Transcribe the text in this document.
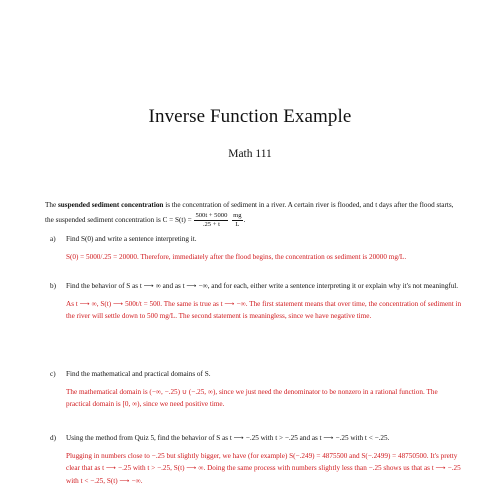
Inverse Function Example
Math 111
The suspended sediment concentration is the concentration of sediment in a river. A certain river is flooded, and t days after the flood starts, the suspended sediment concentration is $C = S(t) = \frac{500t + 5000}{.25 + t}$
$\frac{mg}{L}$ .
a) Find S(0) and write a sentence interpreting it.
S(0) = 5000/.25 = 20000. Therefore, immediately after the flood begins, the concentration os sediment is 20000 mg/L.
b) Find the behavior of S as t ⟶ ∞ and as t ⟶ −∞, and for each, either write a sentence interpreting it or explain why it's not meaningful.
As t ⟶ ∞, S(t) ⟶ 500t/t = 500. The same is true as t ⟶ −∞. The first statement means that over time, the concentration of sediment in the river will settle down to 500 mg/L. The second statement is meaningless, since we have negative time.
c) Find the mathematical and practical domains of S.
The mathematical domain is (−∞, −.25) ∪ (−.25, ∞), since we just need the denominator to be nonzero in a rational function. The practical domain is [0, ∞), since we need positive time.
d) Using the method from Quiz 5, find the behavior of S as t ⟶ −.25 with t > −.25 and as t ⟶ −.25 with t < −.25.
Plugging in numbers close to −.25 but slightly bigger, we have (for example) S(−.249) = 4875500 and S(−.2499) = 48750500. It's pretty clear that as t ⟶ −.25 with t > −.25, S(t) ⟶ ∞. Doing the same process with numbers slightly less than −.25 shows us that as t ⟶ −.25 with t < −.25, S(t) ⟶ −∞.
